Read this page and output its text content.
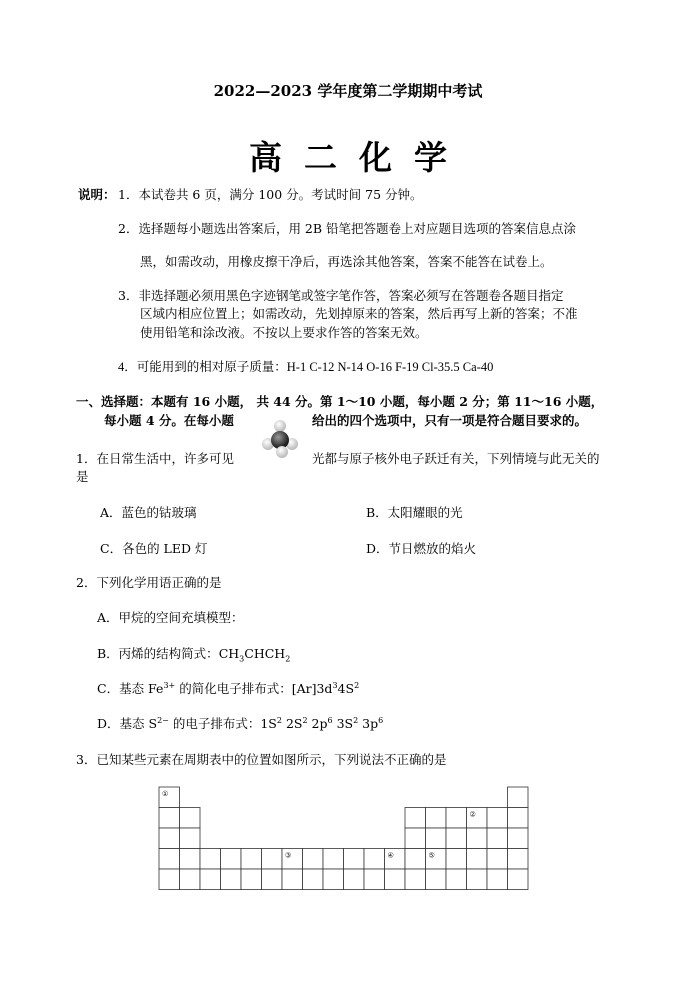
2022—2023 学年度第二学期期中考试
高二化学
说明： 1．本试卷共 6 页，满分 100 分。考试时间 75 分钟。
2．选择题每小题选出答案后，用 2B 铅笔把答题卷上对应题目选项的答案信息点涂
黑，如需改动，用橡皮擦干净后，再选涂其他答案，答案不能答在试卷上。
3．非选择题必须用黑色字迹钢笔或签字笔作答，答案必须写在答题卷各题目指定
区域内相应位置上；如需改动，先划掉原来的答案，然后再写上新的答案；不准
使用铅笔和涂改液。不按以上要求作答的答案无效。
4．可能用到的相对原子质量：H-1 C-12 N-14 O-16 F-19 Cl-35.5 Ca-40
一、选择题：本题有 16 小题， 共 44 分。第 1～10 小题，每小题 2 分；第 11～16 小题，
每小题 4 分。在每小题	给出的四个选项中，只有一项是符合题目要求的。
1．在日常生活中，许多可见	光都与原子核外电子跃迁有关，下列情境与此无关的
是
A．蓝色的钴玻璃	B．太阳耀眼的光
C．各色的 LED 灯	D．节日燃放的焰火
2．下列化学用语正确的是
A．甲烷的空间充填模型：
B．丙烯的结构简式：$CH_3CHCH_2$
C．基态 $Fe^{3+}$ 的简化电子排布式：$[Ar]3d^34S^2$
D．基态 $S^{2-}$ 的电子排布式：$1S^2$ $2S^2$ $2p^6$ $3S^2$ $3p^6$
3．已知某些元素在周期表中的位置如图所示，下列说法不正确的是
①
②
③	④	⑤
